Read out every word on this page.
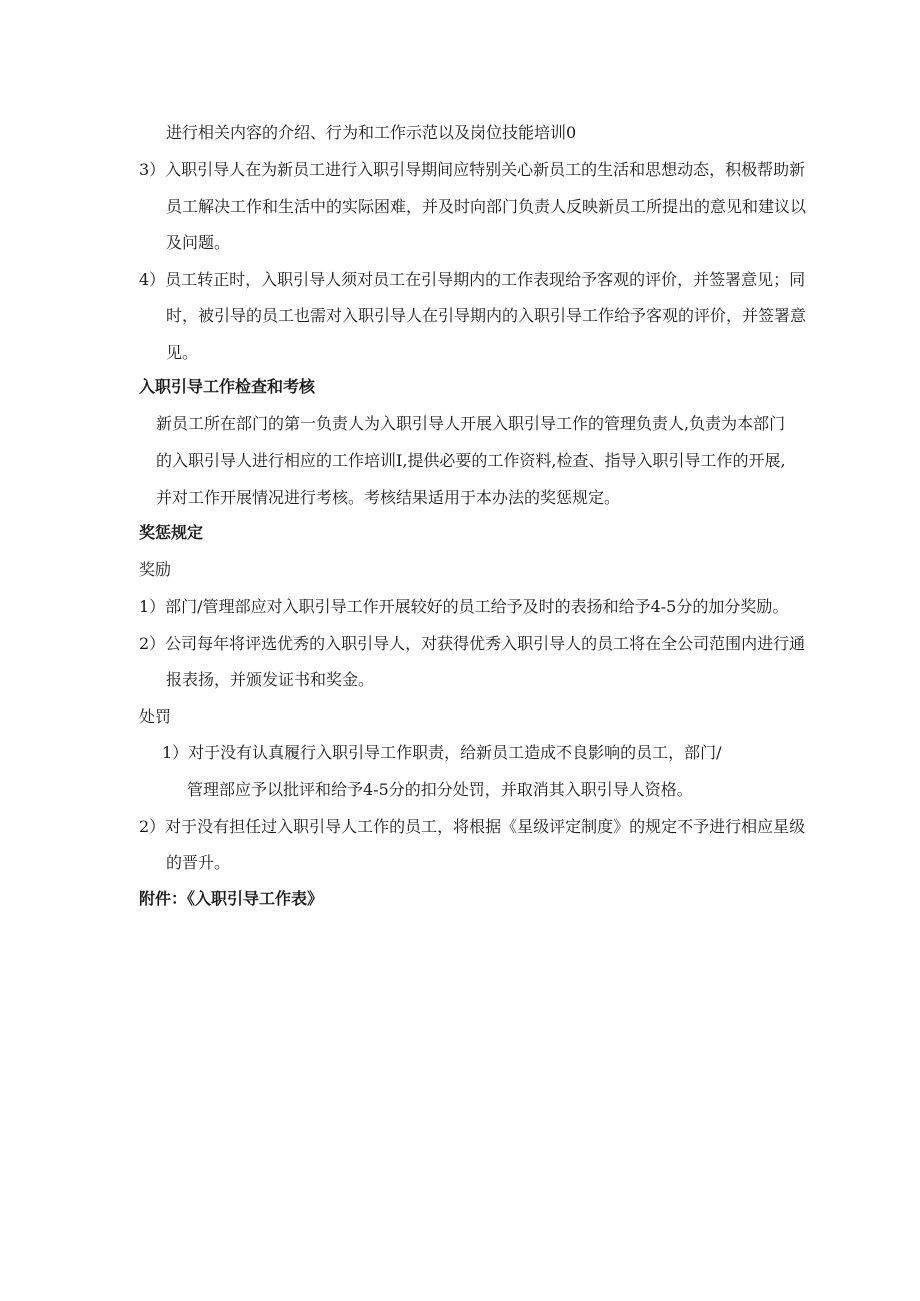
进行相关内容的介绍、行为和工作示范以及岗位技能培训0
3）入职引导人在为新员工进行入职引导期间应特别关心新员工的生活和思想动态，积极帮助新
员工解决工作和生活中的实际困难，并及时向部门负责人反映新员工所提出的意见和建议以
及问题。
4）员工转正时，入职引导人须对员工在引导期内的工作表现给予客观的评价，并签署意见；同
时，被引导的员工也需对入职引导人在引导期内的入职引导工作给予客观的评价，并签署意
见。
入职引导工作检查和考核
新员工所在部门的第一负责人为入职引导人开展入职引导工作的管理负责人,负责为本部门
的入职引导人进行相应的工作培训I,提供必要的工作资料,检查、指导入职引导工作的开展,
并对工作开展情况进行考核。考核结果适用于本办法的奖惩规定。
奖惩规定
奖励
1）部门/管理部应对入职引导工作开展较好的员工给予及时的表扬和给予4-5分的加分奖励。
2）公司每年将评选优秀的入职引导人，对获得优秀入职引导人的员工将在全公司范围内进行通
报表扬，并颁发证书和奖金。
处罚
1）对于没有认真履行入职引导工作职责，给新员工造成不良影响的员工，部门/
管理部应予以批评和给予4-5分的扣分处罚，并取消其入职引导人资格。
2）对于没有担任过入职引导人工作的员工，将根据《星级评定制度》的规定不予进行相应星级
的晋升。
附件：《入职引导工作表》
